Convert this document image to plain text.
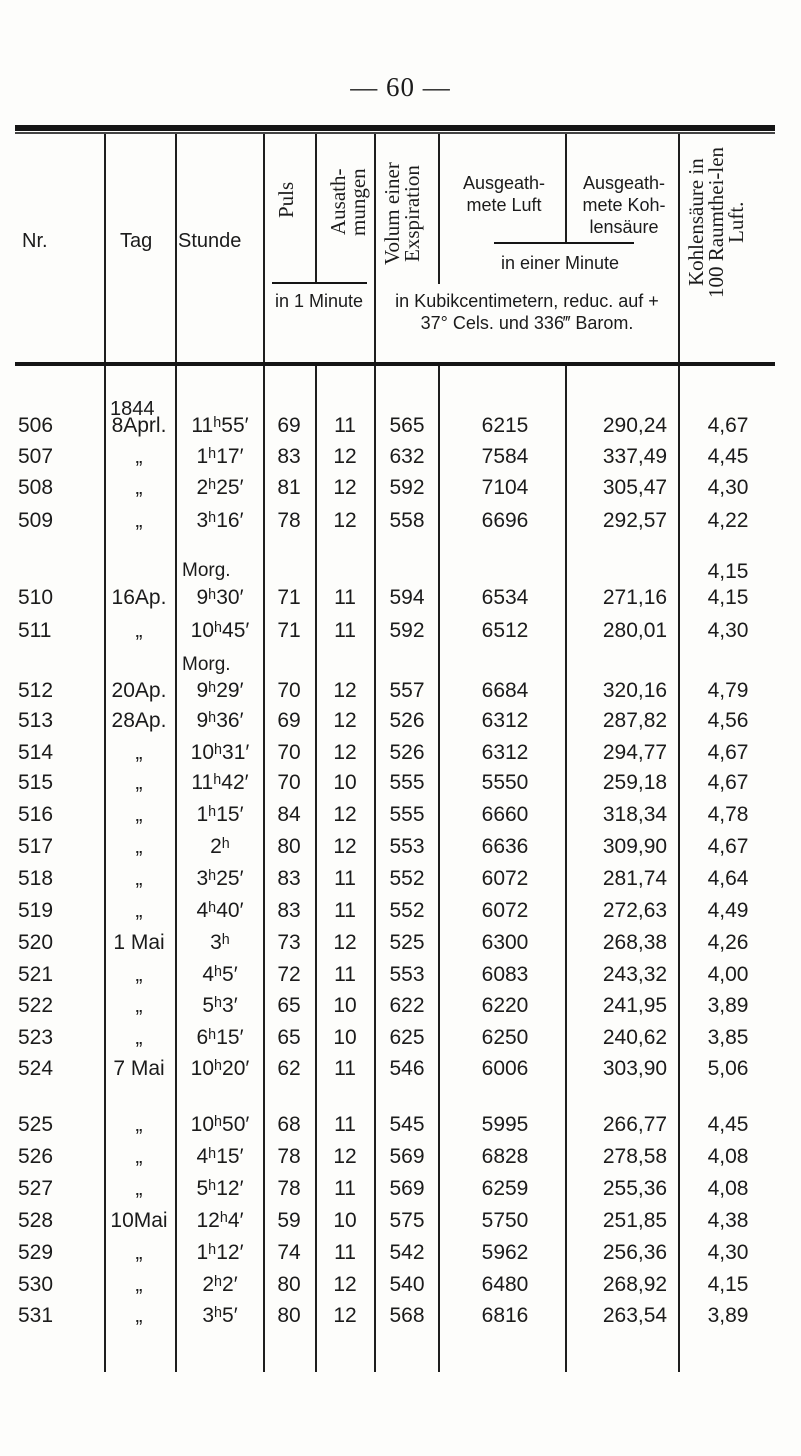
— 60 —
Nr.	Tag Stunde
Puls Ausath-mungen Volum einer Exspiration	Ausgeath-mete Luft
Ausgeath-mete Koh-lensäure	Kohlensäure in 100 Raumthei-len Luft.
in einer Minute
in 1 Minute	in Kubikcentimetern, reduc. auf + 37° Cels. und 336‴ Barom.
1844
Morg.
Morg.
4,15
506	8Aprl.	11ʰ55′	69	11	565	6215	290,24	4,67
507	„	1ʰ17′	83	12	632	7584	337,49	4,45
508	„	2ʰ25′	81	12	592	7104	305,47	4,30
509	„	3ʰ16′	78	12	558	6696	292,57	4,22
510	16Ap.	9ʰ30′	71	11	594	6534	271,16	4,15
511	„	10ʰ45′	71	11	592	6512	280,01	4,30
512	20Ap.	9ʰ29′	70	12	557	6684	320,16	4,79
513	28Ap.	9ʰ36′	69	12	526	6312	287,82	4,56
514	„	10ʰ31′	70	12	526	6312	294,77	4,67
515	„	11ʰ42′	70	10	555	5550	259,18	4,67
516	„	1ʰ15′	84	12	555	6660	318,34	4,78
517	„	2ʰ	80	12	553	6636	309,90	4,67
518	„	3ʰ25′	83	11	552	6072	281,74	4,64
519	„	4ʰ40′	83	11	552	6072	272,63	4,49
520	1 Mai	3ʰ	73	12	525	6300	268,38	4,26
521	„	4ʰ5′	72	11	553	6083	243,32	4,00
522	„	5ʰ3′	65	10	622	6220	241,95	3,89
523	„	6ʰ15′	65	10	625	6250	240,62	3,85
524	7 Mai	10ʰ20′	62	11	546	6006	303,90	5,06
525	„	10ʰ50′	68	11	545	5995	266,77	4,45
526	„	4ʰ15′	78	12	569	6828	278,58	4,08
527	„	5ʰ12′	78	11	569	6259	255,36	4,08
528	10Mai	12ʰ4′	59	10	575	5750	251,85	4,38
529	„	1ʰ12′	74	11	542	5962	256,36	4,30
530	„	2ʰ2′	80	12	540	6480	268,92	4,15
531	„	3ʰ5′	80	12	568	6816	263,54	3,89
